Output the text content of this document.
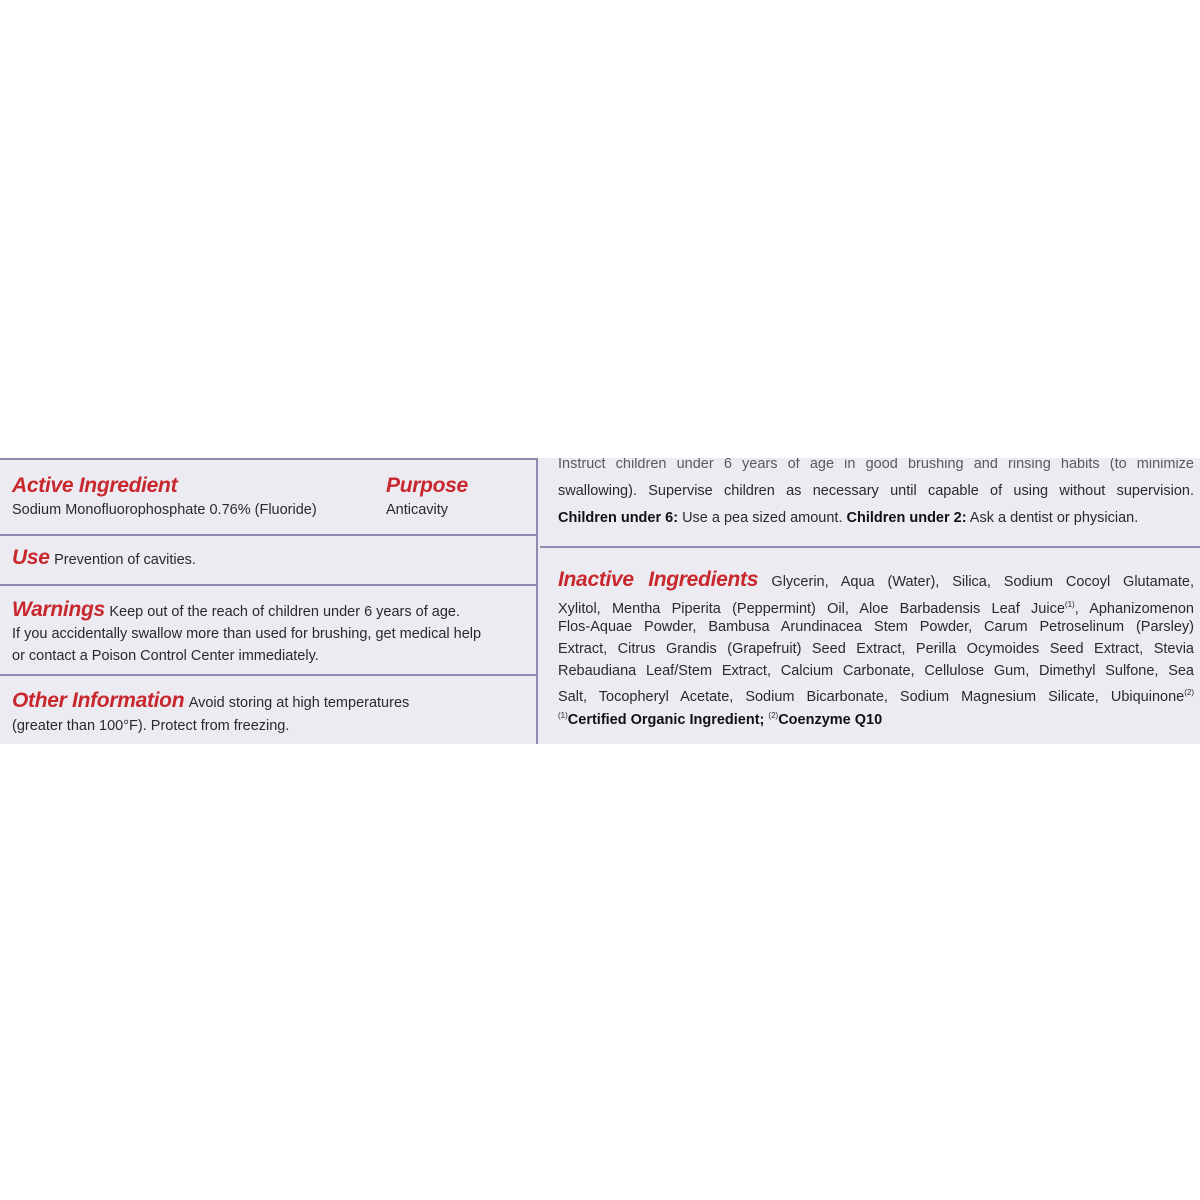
Active Ingredient
Sodium Monofluorophosphate 0.76% (Fluoride)
Purpose
Anticavity
Use Prevention of cavities.
Warnings Keep out of the reach of children under 6 years of age.
If you accidentally swallow more than used for brushing, get medical help
or contact a Poison Control Center immediately.
Other Information Avoid storing at high temperatures
(greater than 100°F). Protect from freezing.
Instruct children under 6 years of age in good brushing and rinsing habits (to minimize
swallowing). Supervise children as necessary until capable of using without supervision.
Children under 6: Use a pea sized amount. Children under 2: Ask a dentist or physician.
Inactive Ingredients Glycerin, Aqua (Water), Silica, Sodium Cocoyl Glutamate,
Xylitol, Mentha Piperita (Peppermint) Oil, Aloe Barbadensis Leaf Juice$^{(1)}$, Aphanizomenon
Flos-Aquae Powder, Bambusa Arundinacea Stem Powder, Carum Petroselinum (Parsley)
Extract, Citrus Grandis (Grapefruit) Seed Extract, Perilla Ocymoides Seed Extract, Stevia
Rebaudiana Leaf/Stem Extract, Calcium Carbonate, Cellulose Gum, Dimethyl Sulfone, Sea
Salt, Tocopheryl Acetate, Sodium Bicarbonate, Sodium Magnesium Silicate, Ubiquinone$^{(2)}$
$^{(1)}$Certified Organic Ingredient; $^{(2)}$Coenzyme Q10
